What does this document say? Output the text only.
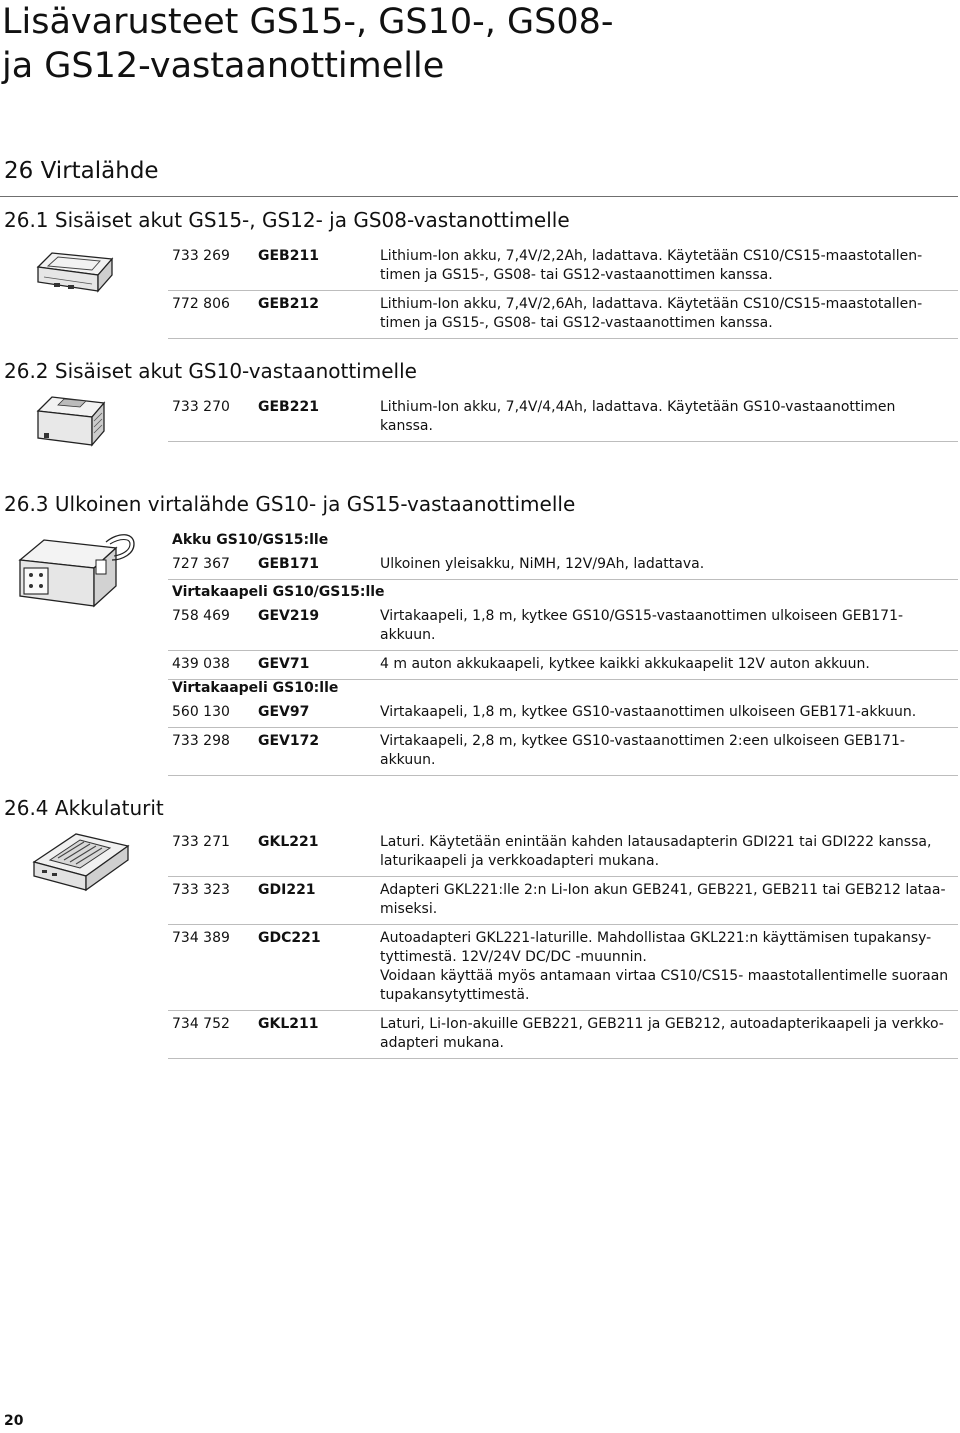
Lisävarusteet GS15-, GS10-, GS08-
ja GS12-vastaanottimelle
26 Virtalähde
26.1 Sisäiset akut GS15-, GS12- ja GS08-vastanottimelle
733 269	GEB211	Lithium-Ion akku, 7,4V/2,2Ah, ladattava. Käytetään CS10/CS15-maastotallen-
timen ja GS15-, GS08- tai GS12-vastaanottimen kanssa.
772 806	GEB212	Lithium-Ion akku, 7,4V/2,6Ah, ladattava. Käytetään CS10/CS15-maastotallen-
timen ja GS15-, GS08- tai GS12-vastaanottimen kanssa.
26.2 Sisäiset akut GS10-vastaanottimelle
733 270	GEB221	Lithium-Ion akku, 7,4V/4,4Ah, ladattava. Käytetään GS10-vastaanottimen
kanssa.
26.3 Ulkoinen virtalähde GS10- ja GS15-vastaanottimelle
Akku GS10/GS15:lle
727 367	GEB171	Ulkoinen yleisakku, NiMH, 12V/9Ah, ladattava.
Virtakaapeli GS10/GS15:lle
758 469	GEV219	Virtakaapeli, 1,8 m, kytkee GS10/GS15-vastaanottimen ulkoiseen GEB171-
akkuun.
439 038	GEV71	4 m auton akkukaapeli, kytkee kaikki akkukaapelit 12V auton akkuun.
Virtakaapeli GS10:lle
560 130	GEV97	Virtakaapeli, 1,8 m, kytkee GS10-vastaanottimen ulkoiseen GEB171-akkuun.
733 298	GEV172	Virtakaapeli, 2,8 m, kytkee GS10-vastaanottimen 2:een ulkoiseen GEB171-
akkuun.
26.4 Akkulaturit
733 271	GKL221	Laturi. Käytetään enintään kahden latausadapterin GDI221 tai GDI222 kanssa,
laturikaapeli ja verkkoadapteri mukana.
733 323	GDI221	Adapteri GKL221:lle 2:n Li-Ion akun GEB241, GEB221, GEB211 tai GEB212 lataa-
miseksi.
734 389	GDC221	Autoadapteri GKL221-laturille. Mahdollistaa GKL221:n käyttämisen tupakansy-
tyttimestä. 12V/24V DC/DC -muunnin.
Voidaan käyttää myös antamaan virtaa CS10/CS15- maastotallentimelle suoraan
tupakansytyttimestä.
734 752	GKL211	Laturi, Li-Ion-akuille GEB221, GEB211 ja GEB212, autoadapterikaapeli ja verkko-
adapteri mukana.
20
